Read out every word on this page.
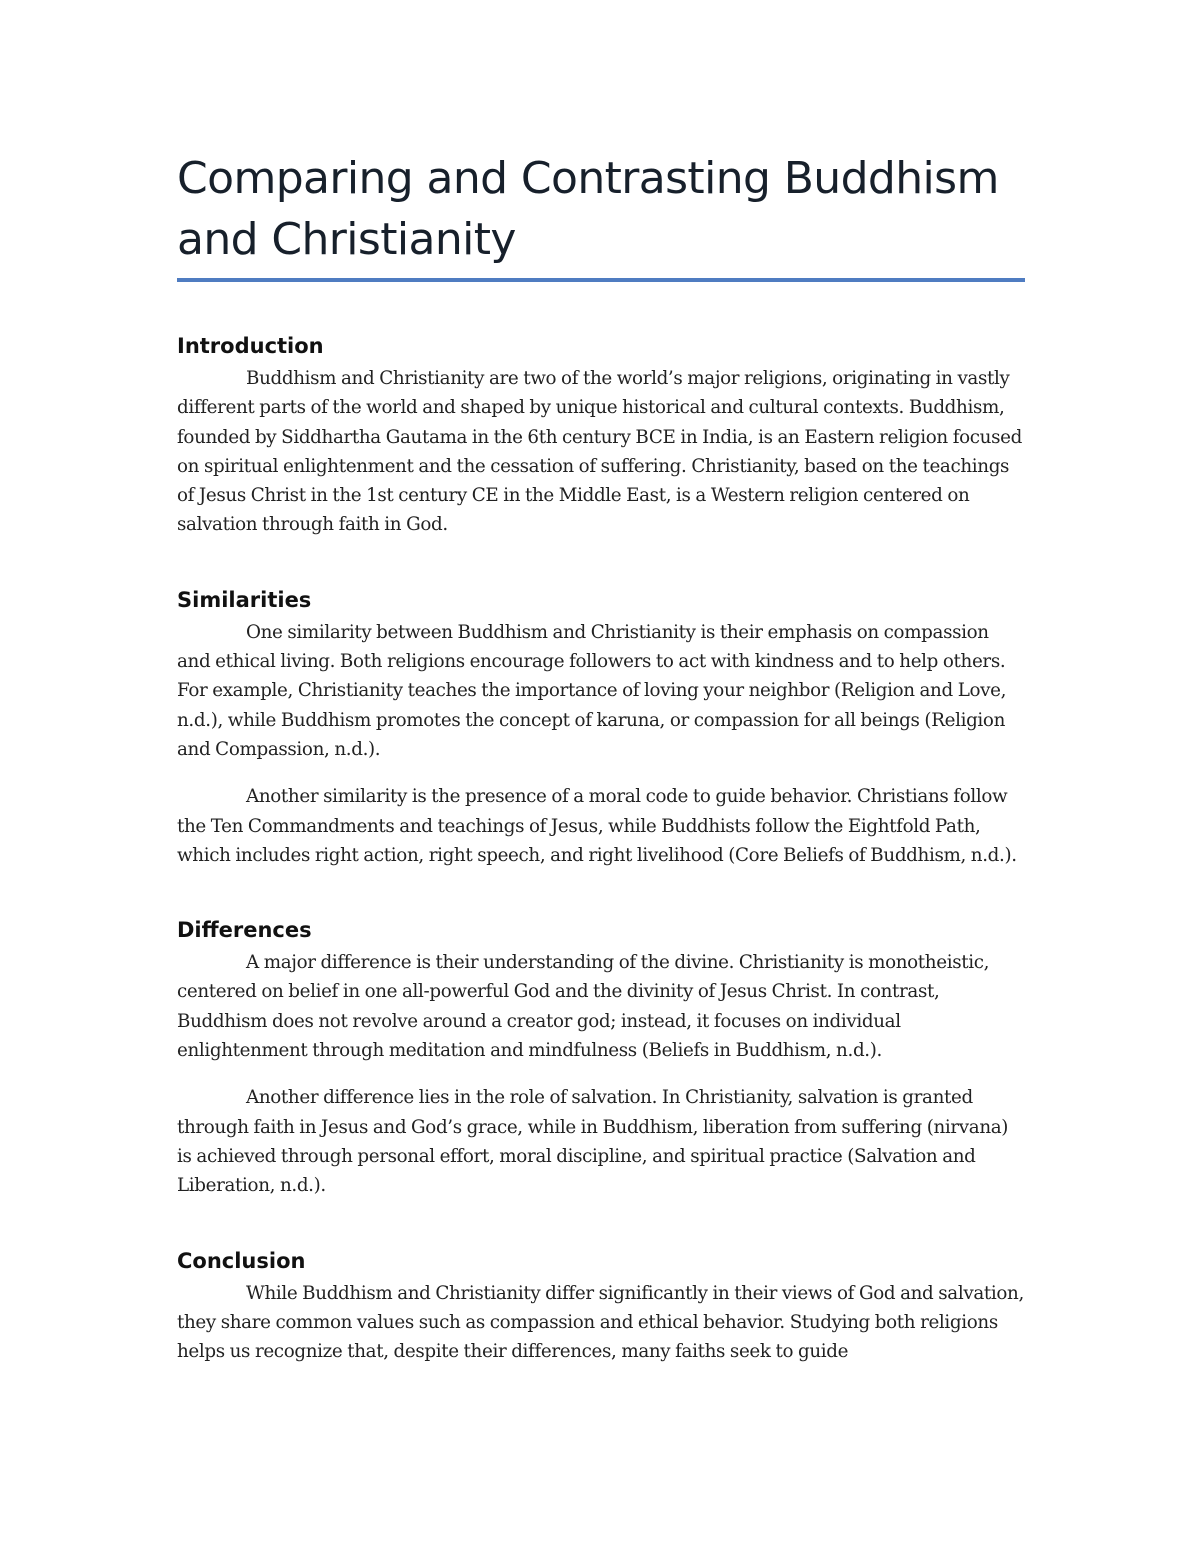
Comparing and Contrasting Buddhism and Christianity
Introduction

Buddhism and Christianity are two of the world’s major religions, originating in vastly different parts of the world and shaped by unique historical and cultural contexts. Buddhism, founded by Siddhartha Gautama in the 6th century BCE in India, is an Eastern religion focused on spiritual enlightenment and the cessation of suffering. Christianity, based on the teachings of Jesus Christ in the 1st century CE in the Middle East, is a Western religion centered on salvation through faith in God.

Similarities

One similarity between Buddhism and Christianity is their emphasis on compassion and ethical living. Both religions encourage followers to act with kindness and to help others. For example, Christianity teaches the importance of loving your neighbor (Religion and Love, n.d.), while Buddhism promotes the concept of karuna, or compassion for all beings (Religion and Compassion, n.d.).

Another similarity is the presence of a moral code to guide behavior. Christians follow the Ten Commandments and teachings of Jesus, while Buddhists follow the Eightfold Path, which includes right action, right speech, and right livelihood (Core Beliefs of Buddhism, n.d.).

Differences

A major difference is their understanding of the divine. Christianity is monotheistic, centered on belief in one all-powerful God and the divinity of Jesus Christ. In contrast, Buddhism does not revolve around a creator god; instead, it focuses on individual enlightenment through meditation and mindfulness (Beliefs in Buddhism, n.d.).

Another difference lies in the role of salvation. In Christianity, salvation is granted through faith in Jesus and God’s grace, while in Buddhism, liberation from suffering (nirvana) is achieved through personal effort, moral discipline, and spiritual practice (Salvation and Liberation, n.d.).

Conclusion

While Buddhism and Christianity differ significantly in their views of God and salvation, they share common values such as compassion and ethical behavior. Studying both religions helps us recognize that, despite their differences, many faiths seek to guide
